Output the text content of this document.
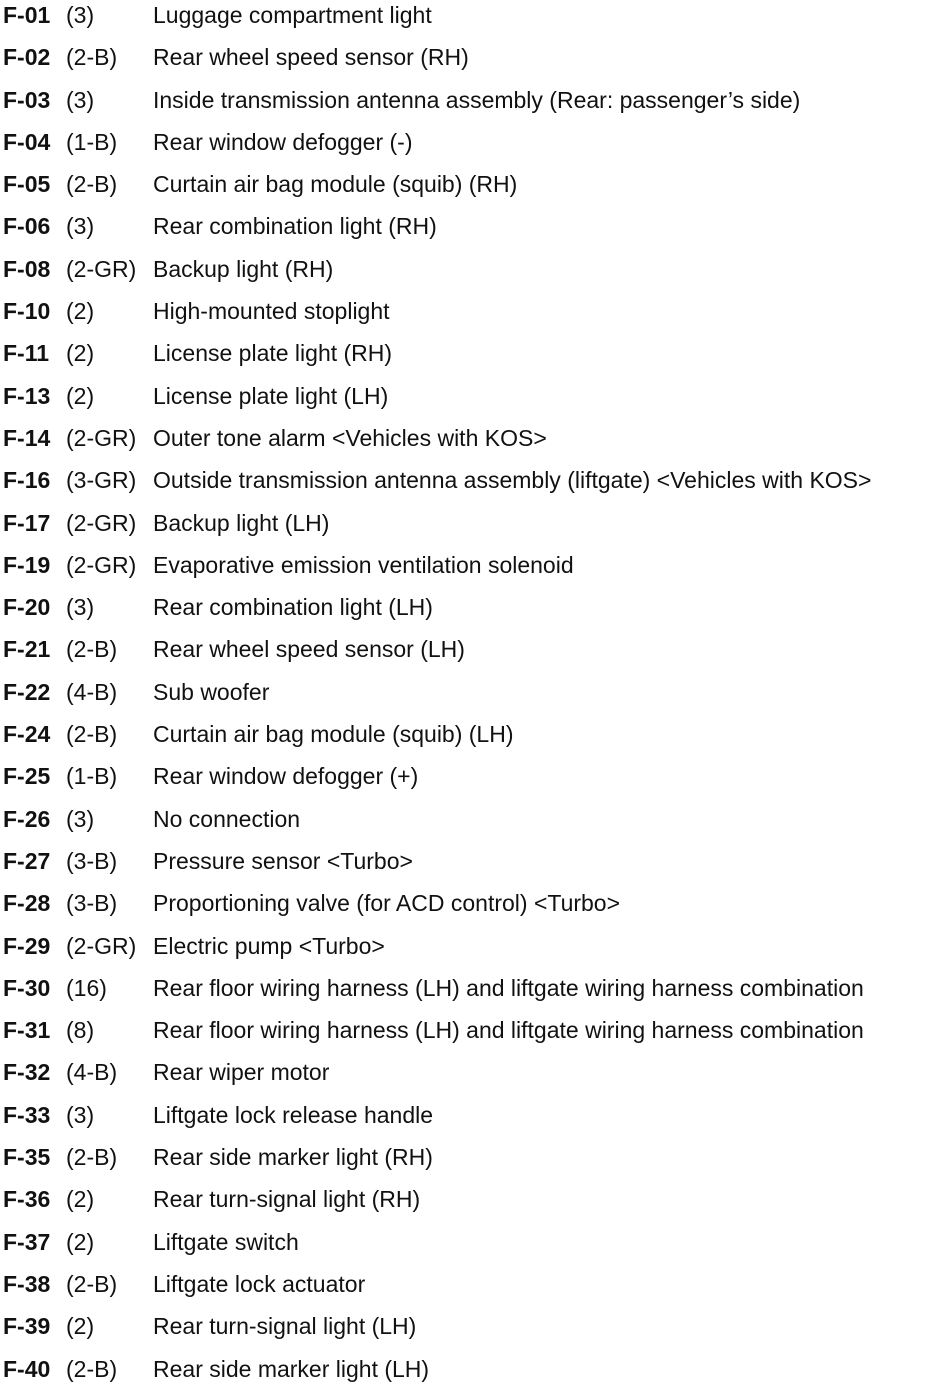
F-01 (3)	Luggage compartment light
F-02 (2-B)	Rear wheel speed sensor (RH)
F-03 (3)	Inside transmission antenna assembly (Rear: passenger’s side)
F-04 (1-B)	Rear window defogger (-)
F-05 (2-B)	Curtain air bag module (squib) (RH)
F-06 (3)	Rear combination light (RH)
F-08 (2-GR) Backup light (RH)
F-10 (2)	High-mounted stoplight
F-11 (2)	License plate light (RH)
F-13 (2)	License plate light (LH)
F-14 (2-GR) Outer tone alarm <Vehicles with KOS>
F-16 (3-GR) Outside transmission antenna assembly (liftgate) <Vehicles with KOS>
F-17 (2-GR) Backup light (LH)
F-19 (2-GR) Evaporative emission ventilation solenoid
F-20 (3)	Rear combination light (LH)
F-21 (2-B)	Rear wheel speed sensor (LH)
F-22 (4-B)	Sub woofer
F-24 (2-B)	Curtain air bag module (squib) (LH)
F-25 (1-B)	Rear window defogger (+)
F-26 (3)	No connection
F-27 (3-B)	Pressure sensor <Turbo>
F-28 (3-B)	Proportioning valve (for ACD control) <Turbo>
F-29 (2-GR) Electric pump <Turbo>
F-30 (16)	Rear floor wiring harness (LH) and liftgate wiring harness combination
F-31 (8)	Rear floor wiring harness (LH) and liftgate wiring harness combination
F-32 (4-B)	Rear wiper motor
F-33 (3)	Liftgate lock release handle
F-35 (2-B)	Rear side marker light (RH)
F-36 (2)	Rear turn-signal light (RH)
F-37 (2)	Liftgate switch
F-38 (2-B)	Liftgate lock actuator
F-39 (2)	Rear turn-signal light (LH)
F-40 (2-B)	Rear side marker light (LH)
